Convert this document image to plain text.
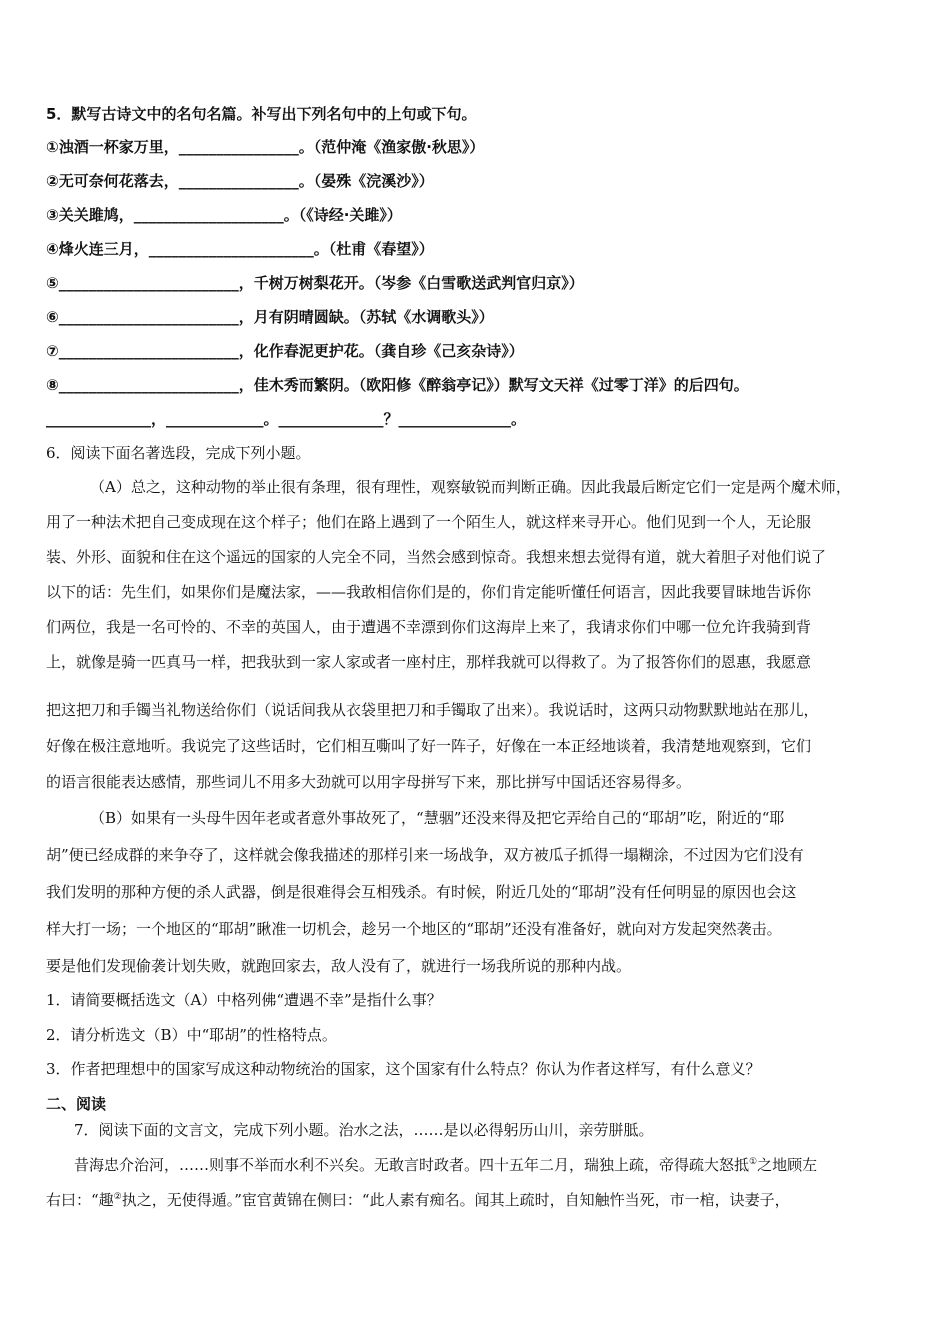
5．默写古诗文中的名句名篇。补写出下列名句中的上句或下句。
①浊酒一杯家万里，________________。（范仲淹《渔家傲·秋思》）
②无可奈何花落去，________________。（晏殊《浣溪沙》）
③关关雎鸠，____________________。（《诗经·关雎》）
④烽火连三月，______________________。（杜甫《春望》）
⑤________________________，千树万树梨花开。（岑参《白雪歌送武判官归京》）
⑥________________________，月有阴晴圆缺。（苏轼《水调歌头》）
⑦________________________，化作春泥更护花。（龚自珍《己亥杂诗》）
⑧________________________，佳木秀而繁阴。（欧阳修《醉翁亭记》）默写文天祥《过零丁洋》的后四句。
______________，_____________。______________？_______________。
6．阅读下面名著选段，完成下列小题。
（A）总之，这种动物的举止很有条理，很有理性，观察敏锐而判断正确。因此我最后断定它们一定是两个魔术师，
用了一种法术把自己变成现在这个样子；他们在路上遇到了一个陌生人，就这样来寻开心。他们见到一个人，无论服
装、外形、面貌和住在这个遥远的国家的人完全不同，当然会感到惊奇。我想来想去觉得有道，就大着胆子对他们说了
以下的话：先生们，如果你们是魔法家，——我敢相信你们是的，你们肯定能听懂任何语言，因此我要冒昧地告诉你
们两位，我是一名可怜的、不幸的英国人，由于遭遇不幸漂到你们这海岸上来了，我请求你们中哪一位允许我骑到背
上，就像是骑一匹真马一样，把我驮到一家人家或者一座村庄，那样我就可以得救了。为了报答你们的恩惠，我愿意
把这把刀和手镯当礼物送给你们（说话间我从衣袋里把刀和手镯取了出来）。我说话时，这两只动物默默地站在那儿，
好像在极注意地听。我说完了这些话时，它们相互嘶叫了好一阵子，好像在一本正经地谈着，我清楚地观察到，它们
的语言很能表达感情，那些词儿不用多大劲就可以用字母拼写下来，那比拼写中国话还容易得多。
（B）如果有一头母牛因年老或者意外事故死了，“慧骃”还没来得及把它弄给自己的“耶胡”吃，附近的“耶
胡”便已经成群的来争夺了，这样就会像我描述的那样引来一场战争，双方被瓜子抓得一塌糊涂，不过因为它们没有
我们发明的那种方便的杀人武器，倒是很难得会互相残杀。有时候，附近几处的“耶胡”没有任何明显的原因也会这
样大打一场；一个地区的“耶胡”瞅准一切机会，趁另一个地区的“耶胡”还没有准备好，就向对方发起突然袭击。
要是他们发现偷袭计划失败，就跑回家去，敌人没有了，就进行一场我所说的那种内战。
1．请简要概括选文（A）中格列佛“遭遇不幸”是指什么事？
2．请分析选文（B）中“耶胡”的性格特点。
3．作者把理想中的国家写成这种动物统治的国家，这个国家有什么特点？你认为作者这样写，有什么意义？
二、阅读
7．阅读下面的文言文，完成下列小题。治水之法，……是以必得躬历山川，亲劳胼胝。
昔海忠介治河，……则事不举而水利不兴矣。无敢言时政者。四十五年二月，瑞独上疏，帝得疏大怒抵①之地顾左
右曰：“趣②执之，无使得遁。”宦官黄锦在侧曰：“此人素有痴名。闻其上疏时，自知触忤当死，市一棺，诀妻子，
